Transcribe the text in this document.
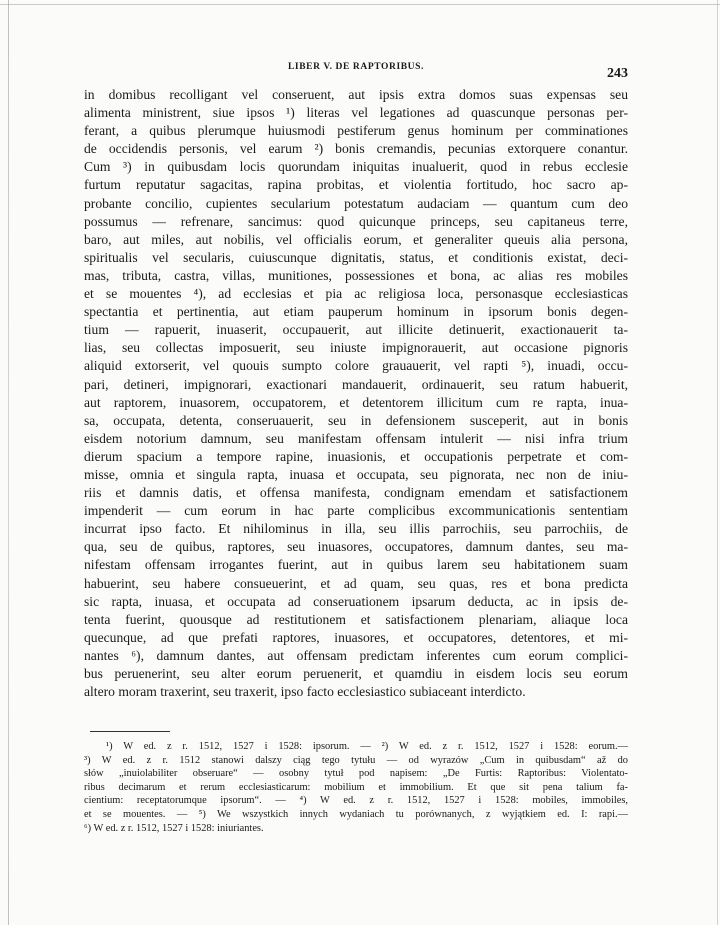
LIBER V. DE RAPTORIBUS.	243
in domibus recolligant vel conseruent, aut ipsis extra domos suas expensas seu
alimenta ministrent, siue ipsos ¹) literas vel legationes ad quascunque personas per-
ferant, a quibus plerumque huiusmodi pestiferum genus hominum per comminationes
de occidendis personis, vel earum ²) bonis cremandis, pecunias extorquere conantur.
Cum ³) in quibusdam locis quorundam iniquitas inualuerit, quod in rebus ecclesie
furtum reputatur sagacitas, rapina probitas, et violentia fortitudo, hoc sacro ap-
probante concilio, cupientes secularium potestatum audaciam — quantum cum deo
possumus — refrenare, sancimus: quod quicunque princeps, seu capitaneus terre,
baro, aut miles, aut nobilis, vel officialis eorum, et generaliter queuis alia persona,
spiritualis vel secularis, cuiuscunque dignitatis, status, et conditionis existat, deci-
mas, tributa, castra, villas, munitiones, possessiones et bona, ac alias res mobiles
et se mouentes ⁴), ad ecclesias et pia ac religiosa loca, personasque ecclesiasticas
spectantia et pertinentia, aut etiam pauperum hominum in ipsorum bonis degen-
tium — rapuerit, inuaserit, occupauerit, aut illicite detinuerit, exactionauerit ta-
lias, seu collectas imposuerit, seu iniuste impignorauerit, aut occasione pignoris
aliquid extorserit, vel quouis sumpto colore grauauerit, vel rapti ⁵), inuadi, occu-
pari, detineri, impignorari, exactionari mandauerit, ordinauerit, seu ratum habuerit,
aut raptorem, inuasorem, occupatorem, et detentorem illicitum cum re rapta, inua-
sa, occupata, detenta, conseruauerit, seu in defensionem susceperit, aut in bonis
eisdem notorium damnum, seu manifestam offensam intulerit — nisi infra trium
dierum spacium a tempore rapine, inuasionis, et occupationis perpetrate et com-
misse, omnia et singula rapta, inuasa et occupata, seu pignorata, nec non de iniu-
riis et damnis datis, et offensa manifesta, condignam emendam et satisfactionem
impenderit — cum eorum in hac parte complicibus excommunicationis sententiam
incurrat ipso facto. Et nihilominus in illa, seu illis parrochiis, seu parrochiis, de
qua, seu de quibus, raptores, seu inuasores, occupatores, damnum dantes, seu ma-
nifestam offensam irrogantes fuerint, aut in quibus larem seu habitationem suam
habuerint, seu habere consueuerint, et ad quam, seu quas, res et bona predicta
sic rapta, inuasa, et occupata ad conseruationem ipsarum deducta, ac in ipsis de-
tenta fuerint, quousque ad restitutionem et satisfactionem plenariam, aliaque loca
quecunque, ad que prefati raptores, inuasores, et occupatores, detentores, et mi-
nantes ⁶), damnum dantes, aut offensam predictam inferentes cum eorum complici-
bus peruenerint, seu alter eorum peruenerit, et quamdiu in eisdem locis seu eorum
altero moram traxerint, seu traxerit, ipso facto ecclesiastico subiaceant interdicto.
¹) W ed. z r. 1512, 1527 i 1528: ipsorum. — ²) W ed. z r. 1512, 1527 i 1528: eorum.—
³) W ed. z r. 1512 stanowi dalszy ciąg tego tytułu — od wyrazów „Cum in quibusdam“ až do
słów „inuiolabiliter obseruare“ — osobny tytuł pod napisem: „De Furtis: Raptoribus: Violentato-
ribus decimarum et rerum ecclesiasticarum: mobilium et immobilium. Et que sit pena talium fa-
cientium: receptatorumque ipsorum“. — ⁴) W ed. z r. 1512, 1527 i 1528: mobiles, immobiles,
et se mouentes. — ⁵) We wszystkich innych wydaniach tu porównanych, z wyjątkiem ed. I: rapi.—
⁶) W ed. z r. 1512, 1527 i 1528: iniuriantes.
